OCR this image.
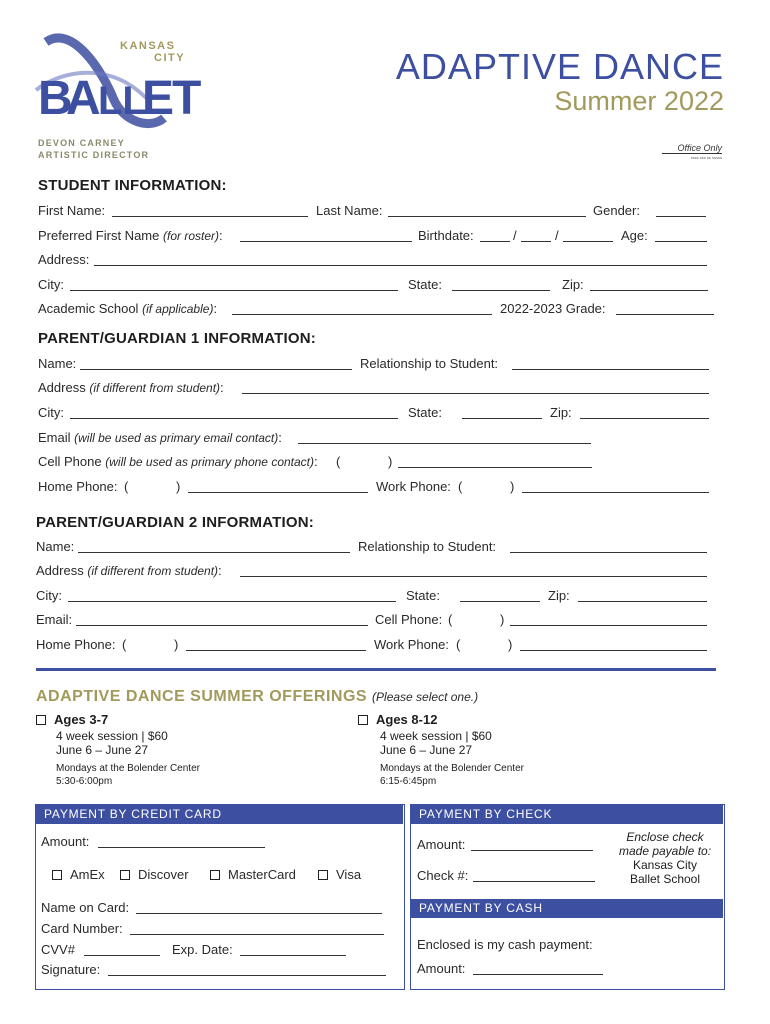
B
A LL
ET
KANSAS
CITY
DEVON CARNEY
ARTISTIC DIRECTOR
ADAPTIVE DANCE
Summer 2022
Office Only
ssss sss ss sssss
STUDENT INFORMATION:
First Name:	Last Name:	Gender:
Preferred First Name (for roster):	Birthdate:	/	/	Age:
Address:
City:	State:	Zip:
Academic School (if applicable):	2022-2023 Grade:
PARENT/GUARDIAN 1 INFORMATION:
Name:	Relationship to Student:
Address (if different from student):
City:	State:	Zip:
Email (will be used as primary email contact):
Cell Phone (will be used as primary phone contact): (	)
Home Phone: (	)	Work Phone: (	)
PARENT/GUARDIAN 2 INFORMATION:
Name:	Relationship to Student:
Address (if different from student):
City:	State:	Zip:
Email:	Cell Phone: (	)
Home Phone: (	)	Work Phone: (	)
ADAPTIVE DANCE SUMMER OFFERINGS (Please select one.)
Ages 3-7
4 week session | $60
June 6 – June 27
Mondays at the Bolender Center
5:30-6:00pm
Ages 8-12
4 week session | $60
June 6 – June 27
Mondays at the Bolender Center
6:15-6:45pm
PAYMENT BY CREDIT CARD
Amount:
AmEx	Discover	MasterCard	Visa
Name on Card:
Card Number:
CVV#	Exp. Date:
Signature:
PAYMENT BY CHECK
Amount:
Check #:
Enclose check
made payable to:
Kansas City
Ballet School
PAYMENT BY CASH
Enclosed is my cash payment:
Amount:
